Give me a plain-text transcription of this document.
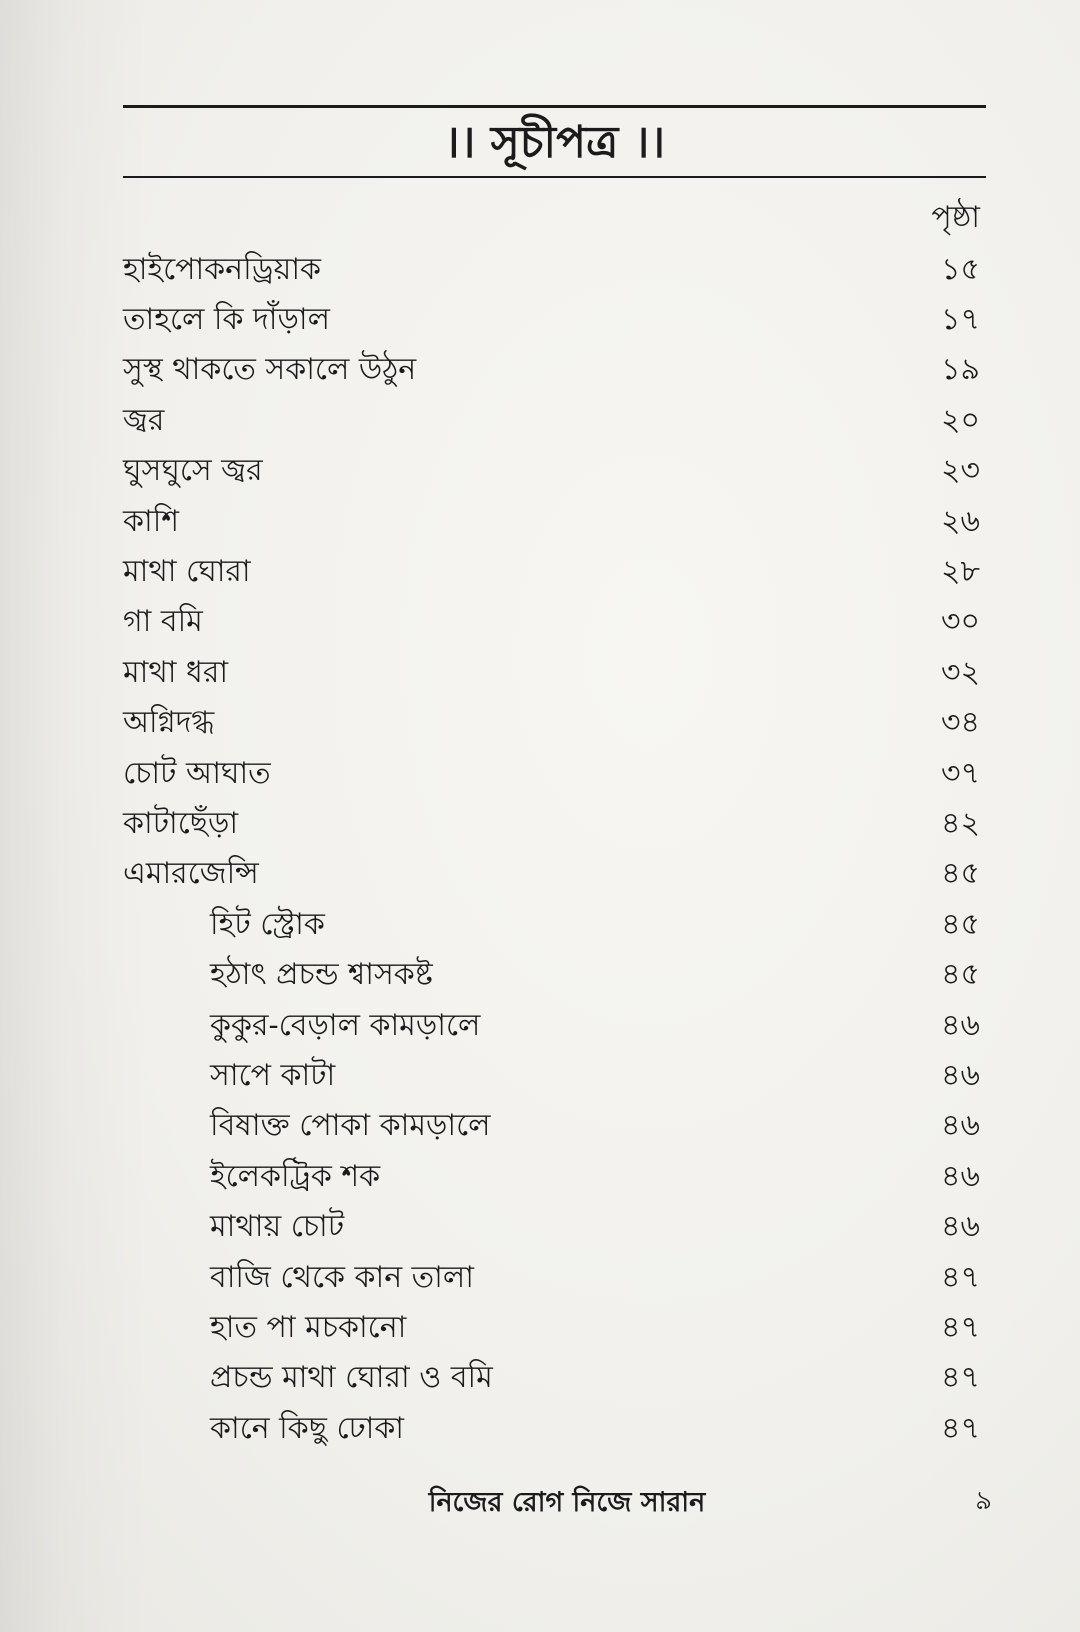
।। সূচীপত্র ।।
পৃষ্ঠা
হাইপোকনড্রিয়াক	১৫
তাহলে কি দাঁড়াল	১৭
সুস্থ থাকতে সকালে উঠুন	১৯
জ্বর	২০
ঘুসঘুসে জ্বর	২৩
কাশি	২৬
মাথা ঘোরা	২৮
গা বমি	৩০
মাথা ধরা	৩২
অগ্নিদগ্ধ	৩৪
চোট আঘাত	৩৭
কাটাছেঁড়া	৪২
এমারজেন্সি	৪৫
হিট স্ট্রোক	৪৫
হঠাৎ প্রচন্ড শ্বাসকষ্ট	৪৫
কুকুর-বেড়াল কামড়ালে	৪৬
সাপে কাটা	৪৬
বিষাক্ত পোকা কামড়ালে	৪৬
ইলেকট্রিক শক	৪৬
মাথায় চোট	৪৬
বাজি থেকে কান তালা	৪৭
হাত পা মচকানো	৪৭
প্রচন্ড মাথা ঘোরা ও বমি	৪৭
কানে কিছু ঢোকা	৪৭
নিজের রোগ নিজে সারান	৯
